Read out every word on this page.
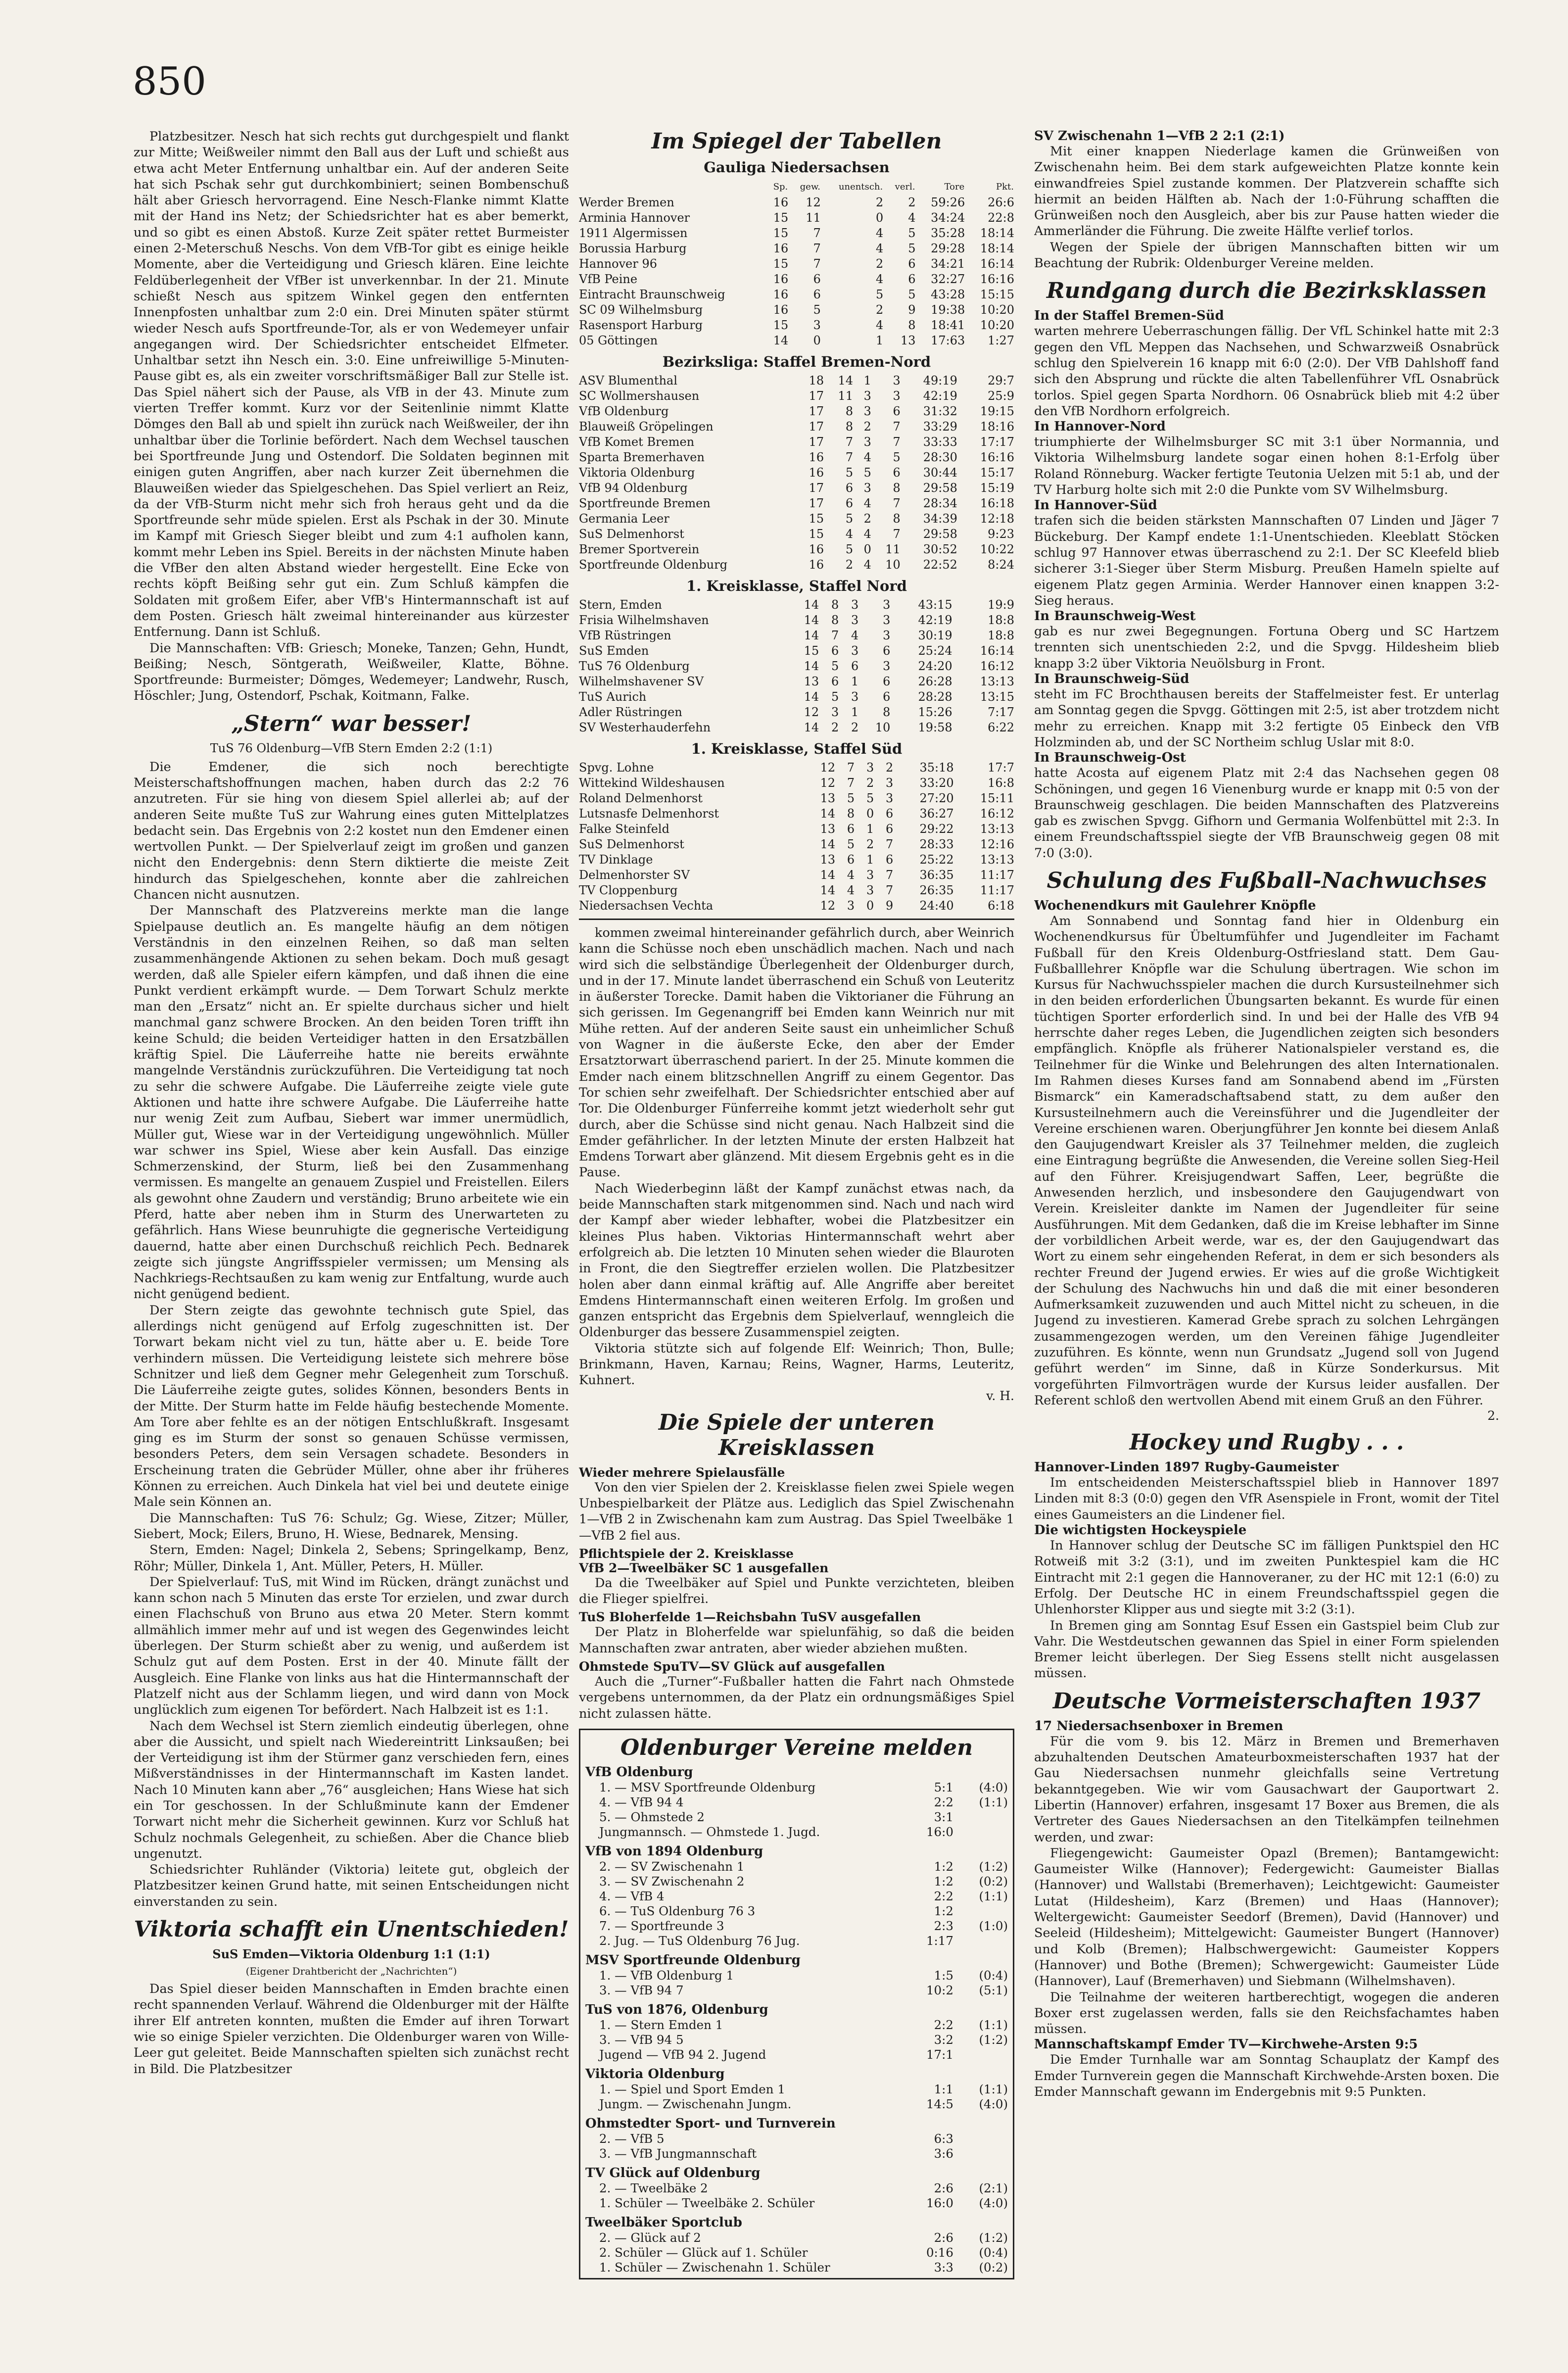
850

Platzbesitzer. Nesch hat sich rechts gut durchgespielt und flankt zur Mitte; Weißweiler nimmt den Ball aus der Luft und schießt aus etwa acht Meter Entfernung unhaltbar ein. Auf der anderen Seite hat sich Pschak sehr gut durchkombiniert; seinen Bombenschuß hält aber Griesch hervorragend. Eine Nesch-Flanke nimmt Klatte mit der Hand ins Netz; der Schiedsrichter hat es aber bemerkt, und so gibt es einen Abstoß. Kurze Zeit später rettet Burmeister einen 2-Meterschuß Neschs. Von dem VfB-Tor gibt es einige heikle Momente, aber die Verteidigung und Griesch klären. Eine leichte Feldüberlegenheit der VfBer ist unverkennbar. In der 21. Minute schießt Nesch aus spitzem Winkel gegen den entfernten Innenpfosten unhaltbar zum 2:0 ein. Drei Minuten später stürmt wieder Nesch aufs Sportfreunde-Tor, als er von Wedemeyer unfair angegangen wird. Der Schiedsrichter entscheidet Elfmeter. Unhaltbar setzt ihn Nesch ein. 3:0. Eine unfreiwillige 5-Minuten-Pause gibt es, als ein zweiter vorschriftsmäßiger Ball zur Stelle ist. Das Spiel nähert sich der Pause, als VfB in der 43. Minute zum vierten Treffer kommt. Kurz vor der Seitenlinie nimmt Klatte Dömges den Ball ab und spielt ihn zurück nach Weißweiler, der ihn unhaltbar über die Torlinie befördert. Nach dem Wechsel tauschen bei Sportfreunde Jung und Ostendorf. Die Soldaten beginnen mit einigen guten Angriffen, aber nach kurzer Zeit übernehmen die Blauweißen wieder das Spielgeschehen. Das Spiel verliert an Reiz, da der VfB-Sturm nicht mehr sich froh heraus geht und da die Sportfreunde sehr müde spielen. Erst als Pschak in der 30. Minute im Kampf mit Griesch Sieger bleibt und zum 4:1 aufholen kann, kommt mehr Leben ins Spiel. Bereits in der nächsten Minute haben die VfBer den alten Abstand wieder hergestellt. Eine Ecke von rechts köpft Beißing sehr gut ein. Zum Schluß kämpfen die Soldaten mit großem Eifer, aber VfB's Hintermannschaft ist auf dem Posten. Griesch hält zweimal hintereinander aus kürzester Entfernung. Dann ist Schluß.

Die Mannschaften: VfB: Griesch; Moneke, Tanzen; Gehn, Hundt, Beißing; Nesch, Söntgerath, Weißweiler, Klatte, Böhne. Sportfreunde: Burmeister; Dömges, Wedemeyer; Landwehr, Rusch, Höschler; Jung, Ostendorf, Pschak, Koitmann, Falke.

„Stern“ war besser!
TuS 76 Oldenburg—VfB Stern Emden 2:2 (1:1)

Die Emdener, die sich noch berechtigte Meisterschaftshoffnungen machen, haben durch das 2:2 76 anzutreten. Für sie hing von diesem Spiel allerlei ab; auf der anderen Seite mußte TuS zur Wahrung eines guten Mittelplatzes bedacht sein. Das Ergebnis von 2:2 kostet nun den Emdener einen wertvollen Punkt. — Der Spielverlauf zeigt im großen und ganzen nicht den Endergebnis: denn Stern diktierte die meiste Zeit hindurch das Spielgeschehen, konnte aber die zahlreichen Chancen nicht ausnutzen.

Der Mannschaft des Platzvereins merkte man die lange Spielpause deutlich an. Es mangelte häufig an dem nötigen Verständnis in den einzelnen Reihen, so daß man selten zusammenhängende Aktionen zu sehen bekam. Doch muß gesagt werden, daß alle Spieler eifern kämpfen, und daß ihnen die eine Punkt verdient erkämpft wurde. — Dem Torwart Schulz merkte man den „Ersatz“ nicht an. Er spielte durchaus sicher und hielt manchmal ganz schwere Brocken. An den beiden Toren trifft ihn keine Schuld; die beiden Verteidiger hatten in den Ersatzbällen kräftig Spiel. Die Läuferreihe hatte nie bereits erwähnte mangelnde Verständnis zurückzuführen. Die Verteidigung tat noch zu sehr die schwere Aufgabe. Die Läuferreihe zeigte viele gute Aktionen und hatte ihre schwere Aufgabe. Die Läuferreihe hatte nur wenig Zeit zum Aufbau, Siebert war immer unermüdlich, Müller gut, Wiese war in der Verteidigung ungewöhnlich. Müller war schwer ins Spiel, Wiese aber kein Ausfall. Das einzige Schmerzenskind, der Sturm, ließ bei den Zusammenhang vermissen. Es mangelte an genauem Zuspiel und Freistellen. Eilers als gewohnt ohne Zaudern und verständig; Bruno arbeitete wie ein Pferd, hatte aber neben ihm in Sturm des Unerwarteten zu gefährlich. Hans Wiese beunruhigte die gegnerische Verteidigung dauernd, hatte aber einen Durchschuß reichlich Pech. Bednarek zeigte sich jüngste Angriffsspieler vermissen; um Mensing als Nachkriegs-Rechtsaußen zu kam wenig zur Entfaltung, wurde auch nicht genügend bedient.

Der Stern zeigte das gewohnte technisch gute Spiel, das allerdings nicht genügend auf Erfolg zugeschnitten ist. Der Torwart bekam nicht viel zu tun, hätte aber u. E. beide Tore verhindern müssen. Die Verteidigung leistete sich mehrere böse Schnitzer und ließ dem Gegner mehr Gelegenheit zum Torschuß. Die Läuferreihe zeigte gutes, solides Können, besonders Bents in der Mitte. Der Sturm hatte im Felde häufig bestechende Momente. Am Tore aber fehlte es an der nötigen Entschlußkraft. Insgesamt ging es im Sturm der sonst so genauen Schüsse vermissen, besonders Peters, dem sein Versagen schadete. Besonders in Erscheinung traten die Gebrüder Müller, ohne aber ihr früheres Können zu erreichen. Auch Dinkela hat viel bei und deutete einige Male sein Können an.

Die Mannschaften: TuS 76: Schulz; Gg. Wiese, Zitzer; Müller, Siebert, Mock; Eilers, Bruno, H. Wiese, Bednarek, Mensing.

Stern, Emden: Nagel; Dinkela 2, Sebens; Springelkamp, Benz, Röhr; Müller, Dinkela 1, Ant. Müller, Peters, H. Müller.

Der Spielverlauf: TuS, mit Wind im Rücken, drängt zunächst und kann schon nach 5 Minuten das erste Tor erzielen, und zwar durch einen Flachschuß von Bruno aus etwa 20 Meter. Stern kommt allmählich immer mehr auf und ist wegen des Gegenwindes leicht überlegen. Der Sturm schießt aber zu wenig, und außerdem ist Schulz gut auf dem Posten. Erst in der 40. Minute fällt der Ausgleich. Eine Flanke von links aus hat die Hintermannschaft der Platzelf nicht aus der Schlamm liegen, und wird dann von Mock unglücklich zum eigenen Tor befördert. Nach Halbzeit ist es 1:1.

Nach dem Wechsel ist Stern ziemlich eindeutig überlegen, ohne aber die Aussicht, und spielt nach Wiedereintritt Linksaußen; bei der Verteidigung ist ihm der Stürmer ganz verschieden fern, eines Mißverständnisses in der Hintermannschaft im Kasten landet. Nach 10 Minuten kann aber „76“ ausgleichen; Hans Wiese hat sich ein Tor geschossen. In der Schlußminute kann der Emdener Torwart nicht mehr die Sicherheit gewinnen. Kurz vor Schluß hat Schulz nochmals Gelegenheit, zu schießen. Aber die Chance blieb ungenutzt.

Schiedsrichter Ruhländer (Viktoria) leitete gut, obgleich der Platzbesitzer keinen Grund hatte, mit seinen Entscheidungen nicht einverstanden zu sein.

Viktoria schafft ein Unentschieden!
SuS Emden—Viktoria Oldenburg 1:1 (1:1)
(Eigener Drahtbericht der „Nachrichten“)

Das Spiel dieser beiden Mannschaften in Emden brachte einen recht spannenden Verlauf. Während die Oldenburger mit der Hälfte ihrer Elf antreten konnten, mußten die Emder auf ihren Torwart wie so einige Spieler verzichten. Die Oldenburger waren von Wille-Leer gut geleitet. Beide Mannschaften spielten sich zunächst recht in Bild. Die Platzbesitzer

Im Spiegel der Tabellen
Gauliga Niedersachsen
	Sp.	gew.	unentsch.	verl.	Tore	Pkt.
Werder Bremen	16	12	2	2	59:26	26:6
Arminia Hannover	15	11	0	4	34:24	22:8
1911 Algermissen	15	7	4	5	35:28	18:14
Borussia Harburg	16	7	4	5	29:28	18:14
Hannover 96	15	7	2	6	34:21	16:14
VfB Peine	16	6	4	6	32:27	16:16
Eintracht Braunschweig	16	6	5	5	43:28	15:15
SC 09 Wilhelmsburg	16	5	2	9	19:38	10:20
Rasensport Harburg	15	3	4	8	18:41	10:20
05 Göttingen	14	0	1	13	17:63	1:27
Bezirksliga: Staffel Bremen-Nord
ASV Blumenthal	18	14	1	3	49:19	29:7
SC Wollmershausen	17	11	3	3	42:19	25:9
VfB Oldenburg	17	8	3	6	31:32	19:15
Blauweiß Gröpelingen	17	8	2	7	33:29	18:16
VfB Komet Bremen	17	7	3	7	33:33	17:17
Sparta Bremerhaven	16	7	4	5	28:30	16:16
Viktoria Oldenburg	16	5	5	6	30:44	15:17
VfB 94 Oldenburg	17	6	3	8	29:58	15:19
Sportfreunde Bremen	17	6	4	7	28:34	16:18
Germania Leer	15	5	2	8	34:39	12:18
SuS Delmenhorst	15	4	4	7	29:58	9:23
Bremer Sportverein	16	5	0	11	30:52	10:22
Sportfreunde Oldenburg	16	2	4	10	22:52	8:24
1. Kreisklasse, Staffel Nord
Stern, Emden	14	8	3	3	43:15	19:9
Frisia Wilhelmshaven	14	8	3	3	42:19	18:8
VfB Rüstringen	14	7	4	3	30:19	18:8
SuS Emden	15	6	3	6	25:24	16:14
TuS 76 Oldenburg	14	5	6	3	24:20	16:12
Wilhelmshavener SV	13	6	1	6	26:28	13:13
TuS Aurich	14	5	3	6	28:28	13:15
Adler Rüstringen	12	3	1	8	15:26	7:17
SV Westerhauderfehn	14	2	2	10	19:58	6:22
1. Kreisklasse, Staffel Süd
Spvg. Lohne	12	7	3	2	35:18	17:7
Wittekind Wildeshausen	12	7	2	3	33:20	16:8
Roland Delmenhorst	13	5	5	3	27:20	15:11
Lutsnasfe Delmenhorst	14	8	0	6	36:27	16:12
Falke Steinfeld	13	6	1	6	29:22	13:13
SuS Delmenhorst	14	5	2	7	28:33	12:16
TV Dinklage	13	6	1	6	25:22	13:13
Delmenhorster SV	14	4	3	7	36:35	11:17
TV Cloppenburg	14	4	3	7	26:35	11:17
Niedersachsen Vechta	12	3	0	9	24:40	6:18

kommen zweimal hintereinander gefährlich durch, aber Weinrich kann die Schüsse noch eben unschädlich machen. Nach und nach wird sich die selbständige Überlegenheit der Oldenburger durch, und in der 17. Minute landet überraschend ein Schuß von Leuteritz in äußerster Torecke. Damit haben die Viktorianer die Führung an sich gerissen. Im Gegenangriff bei Emden kann Weinrich nur mit Mühe retten. Auf der anderen Seite saust ein unheimlicher Schuß von Wagner in die äußerste Ecke, den aber der Emder Ersatztorwart überraschend pariert. In der 25. Minute kommen die Emder nach einem blitzschnellen Angriff zu einem Gegentor. Das Tor schien sehr zweifelhaft. Der Schiedsrichter entschied aber auf Tor. Die Oldenburger Fünferreihe kommt jetzt wiederholt sehr gut durch, aber die Schüsse sind nicht genau. Nach Halbzeit sind die Emder gefährlicher. In der letzten Minute der ersten Halbzeit hat Emdens Torwart aber glänzend. Mit diesem Ergebnis geht es in die Pause.

Nach Wiederbeginn läßt der Kampf zunächst etwas nach, da beide Mannschaften stark mitgenommen sind. Nach und nach wird der Kampf aber wieder lebhafter, wobei die Platzbesitzer ein kleines Plus haben. Viktorias Hintermannschaft wehrt aber erfolgreich ab. Die letzten 10 Minuten sehen wieder die Blauroten in Front, die den Siegtreffer erzielen wollen. Die Platzbesitzer holen aber dann einmal kräftig auf. Alle Angriffe aber bereitet Emdens Hintermannschaft einen weiteren Erfolg. Im großen und ganzen entspricht das Ergebnis dem Spielverlauf, wenngleich die Oldenburger das bessere Zusammenspiel zeigten.

Viktoria stützte sich auf folgende Elf: Weinrich; Thon, Bulle; Brinkmann, Haven, Karnau; Reins, Wagner, Harms, Leuteritz, Kuhnert.

v. H.
Die Spiele der unteren Kreisklassen
Wieder mehrere Spielausfälle

Von den vier Spielen der 2. Kreisklasse fielen zwei Spiele wegen Unbespielbarkeit der Plätze aus. Lediglich das Spiel Zwischenahn 1—VfB 2 in Zwischenahn kam zum Austrag. Das Spiel Tweelbäke 1—VfB 2 fiel aus.

Pflichtspiele der 2. Kreisklasse
VfB 2—Tweelbäker SC 1 ausgefallen

Da die Tweelbäker auf Spiel und Punkte verzichteten, bleiben die Flieger spielfrei.

TuS Bloherfelde 1—Reichsbahn TuSV ausgefallen

Der Platz in Bloherfelde war spielunfähig, so daß die beiden Mannschaften zwar antraten, aber wieder abziehen mußten.

Ohmstede SpuTV—SV Glück auf ausgefallen

Auch die „Turner“-Fußballer hatten die Fahrt nach Ohmstede vergebens unternommen, da der Platz ein ordnungsmäßiges Spiel nicht zulassen hätte.

Oldenburger Vereine melden
VfB Oldenburg
1. — MSV Sportfreunde Oldenburg	5:1	(4:0)
4. — VfB 94 4	2:2	(1:1)
5. — Ohmstede 2	3:1
Jungmannsch. — Ohmstede 1. Jugd.	16:0
VfB von 1894 Oldenburg
2. — SV Zwischenahn 1	1:2	(1:2)
3. — SV Zwischenahn 2	1:2	(0:2)
4. — VfB 4	2:2	(1:1)
6. — TuS Oldenburg 76 3	1:2
7. — Sportfreunde 3	2:3	(1:0)
2. Jug. — TuS Oldenburg 76 Jug.	1:17
MSV Sportfreunde Oldenburg
1. — VfB Oldenburg 1	1:5	(0:4)
3. — VfB 94 7	10:2	(5:1)
TuS von 1876, Oldenburg
1. — Stern Emden 1	2:2	(1:1)
3. — VfB 94 5	3:2	(1:2)
Jugend — VfB 94 2. Jugend	17:1
Viktoria Oldenburg
1. — Spiel und Sport Emden 1	1:1	(1:1)
Jungm. — Zwischenahn Jungm.	14:5	(4:0)
Ohmstedter Sport- und Turnverein
2. — VfB 5	6:3
3. — VfB Jungmannschaft	3:6
TV Glück auf Oldenburg
2. — Tweelbäke 2	2:6	(2:1)
1. Schüler — Tweelbäke 2. Schüler	16:0	(4:0)
Tweelbäker Sportclub
2. — Glück auf 2	2:6	(1:2)
2. Schüler — Glück auf 1. Schüler	0:16	(0:4)
1. Schüler — Zwischenahn 1. Schüler	3:3	(0:2)
SV Zwischenahn 1—VfB 2 2:1 (2:1)

Mit einer knappen Niederlage kamen die Grünweißen von Zwischenahn heim. Bei dem stark aufgeweichten Platze konnte kein einwandfreies Spiel zustande kommen. Der Platzverein schaffte sich hiermit an beiden Hälften ab. Nach der 1:0-Führung schafften die Grünweißen noch den Ausgleich, aber bis zur Pause hatten wieder die Ammerländer die Führung. Die zweite Hälfte verlief torlos.

Wegen der Spiele der übrigen Mannschaften bitten wir um Beachtung der Rubrik: Oldenburger Vereine melden.

Rundgang durch die Bezirksklassen
In der Staffel Bremen-Süd

warten mehrere Ueberraschungen fällig. Der VfL Schinkel hatte mit 2:3 gegen den VfL Meppen das Nachsehen, und Schwarzweiß Osnabrück schlug den Spielverein 16 knapp mit 6:0 (2:0). Der VfB Dahlshoff fand sich den Absprung und rückte die alten Tabellenführer VfL Osnabrück torlos. Spiel gegen Sparta Nordhorn. 06 Osnabrück blieb mit 4:2 über den VfB Nordhorn erfolgreich.

In Hannover-Nord

triumphierte der Wilhelmsburger SC mit 3:1 über Normannia, und Viktoria Wilhelmsburg landete sogar einen hohen 8:1-Erfolg über Roland Rönneburg. Wacker fertigte Teutonia Uelzen mit 5:1 ab, und der TV Harburg holte sich mit 2:0 die Punkte vom SV Wilhelmsburg.

In Hannover-Süd

trafen sich die beiden stärksten Mannschaften 07 Linden und Jäger 7 Bückeburg. Der Kampf endete 1:1-Unentschieden. Kleeblatt Stöcken schlug 97 Hannover etwas überraschend zu 2:1. Der SC Kleefeld blieb sicherer 3:1-Sieger über Sterm Misburg. Preußen Hameln spielte auf eigenem Platz gegen Arminia. Werder Hannover einen knappen 3:2-Sieg heraus.

In Braunschweig-West

gab es nur zwei Begegnungen. Fortuna Oberg und SC Hartzem trennten sich unentschieden 2:2, und die Spvgg. Hildesheim blieb knapp 3:2 über Viktoria Neuölsburg in Front.

In Braunschweig-Süd

steht im FC Brochthausen bereits der Staffelmeister fest. Er unterlag am Sonntag gegen die Spvgg. Göttingen mit 2:5, ist aber trotzdem nicht mehr zu erreichen. Knapp mit 3:2 fertigte 05 Einbeck den VfB Holzminden ab, und der SC Northeim schlug Uslar mit 8:0.

In Braunschweig-Ost

hatte Acosta auf eigenem Platz mit 2:4 das Nachsehen gegen 08 Schöningen, und gegen 16 Vienenburg wurde er knapp mit 0:5 von der Braunschweig geschlagen. Die beiden Mannschaften des Platzvereins gab es zwischen Spvgg. Gifhorn und Germania Wolfenbüttel mit 2:3. In einem Freundschaftsspiel siegte der VfB Braunschweig gegen 08 mit 7:0 (3:0).

Schulung des Fußball-Nachwuchses
Wochenendkurs mit Gaulehrer Knöpfle

Am Sonnabend und Sonntag fand hier in Oldenburg ein Wochenendkursus für Übeltumfühfer und Jugendleiter im Fachamt Fußball für den Kreis Oldenburg-Ostfriesland statt. Dem Gau-Fußballlehrer Knöpfle war die Schulung übertragen. Wie schon im Kursus für Nachwuchsspieler machen die durch Kursusteilnehmer sich in den beiden erforderlichen Übungsarten bekannt. Es wurde für einen tüchtigen Sporter erforderlich sind. In und bei der Halle des VfB 94 herrschte daher reges Leben, die Jugendlichen zeigten sich besonders empfänglich. Knöpfle als früherer Nationalspieler verstand es, die Teilnehmer für die Winke und Belehrungen des alten Internationalen. Im Rahmen dieses Kurses fand am Sonnabend abend im „Fürsten Bismarck“ ein Kameradschaftsabend statt, zu dem außer den Kursusteilnehmern auch die Vereinsführer und die Jugendleiter der Vereine erschienen waren. Oberjungführer Jen konnte bei diesem Anlaß den Gaujugendwart Kreisler als 37 Teilnehmer melden, die zugleich eine Eintragung begrüßte die Anwesenden, die Vereine sollen Sieg-Heil auf den Führer. Kreisjugendwart Saffen, Leer, begrüßte die Anwesenden herzlich, und insbesondere den Gaujugendwart von Verein. Kreisleiter dankte im Namen der Jugendleiter für seine Ausführungen. Mit dem Gedanken, daß die im Kreise lebhafter im Sinne der vorbildlichen Arbeit werde, war es, der den Gaujugendwart das Wort zu einem sehr eingehenden Referat, in dem er sich besonders als rechter Freund der Jugend erwies. Er wies auf die große Wichtigkeit der Schulung des Nachwuchs hin und daß die mit einer besonderen Aufmerksamkeit zuzuwenden und auch Mittel nicht zu scheuen, in die Jugend zu investieren. Kamerad Grebe sprach zu solchen Lehrgängen zusammengezogen werden, um den Vereinen fähige Jugendleiter zuzuführen. Es könnte, wenn nun Grundsatz „Jugend soll von Jugend geführt werden“ im Sinne, daß in Kürze Sonderkursus. Mit vorgeführten Filmvorträgen wurde der Kursus leider ausfallen. Der Referent schloß den wertvollen Abend mit einem Gruß an den Führer.

2.
Hockey und Rugby . . .
Hannover-Linden 1897 Rugby-Gaumeister

Im entscheidenden Meisterschaftsspiel blieb in Hannover 1897 Linden mit 8:3 (0:0) gegen den VfR Asenspiele in Front, womit der Titel eines Gaumeisters an die Lindener fiel.

Die wichtigsten Hockeyspiele

In Hannover schlug der Deutsche SC im fälligen Punktspiel den HC Rotweiß mit 3:2 (3:1), und im zweiten Punktespiel kam die HC Eintracht mit 2:1 gegen die Hannoveraner, zu der HC mit 12:1 (6:0) zu Erfolg. Der Deutsche HC in einem Freundschaftsspiel gegen die Uhlenhorster Klipper aus und siegte mit 3:2 (3:1).

In Bremen ging am Sonntag Esuf Essen ein Gastspiel beim Club zur Vahr. Die Westdeutschen gewannen das Spiel in einer Form spielenden Bremer leicht überlegen. Der Sieg Essens stellt nicht ausgelassen müssen.

Deutsche Vormeisterschaften 1937
17 Niedersachsenboxer in Bremen

Für die vom 9. bis 12. März in Bremen und Bremerhaven abzuhaltenden Deutschen Amateurboxmeisterschaften 1937 hat der Gau Niedersachsen nunmehr gleichfalls seine Vertretung bekanntgegeben. Wie wir vom Gausachwart der Gauportwart 2. Libertin (Hannover) erfahren, insgesamt 17 Boxer aus Bremen, die als Vertreter des Gaues Niedersachsen an den Titelkämpfen teilnehmen werden, und zwar:

Fliegengewicht: Gaumeister Opazl (Bremen); Bantamgewicht: Gaumeister Wilke (Hannover); Federgewicht: Gaumeister Biallas (Hannover) und Wallstabi (Bremerhaven); Leichtgewicht: Gaumeister Lutat (Hildesheim), Karz (Bremen) und Haas (Hannover); Weltergewicht: Gaumeister Seedorf (Bremen), David (Hannover) und Seeleid (Hildesheim); Mittelgewicht: Gaumeister Bungert (Hannover) und Kolb (Bremen); Halbschwergewicht: Gaumeister Koppers (Hannover) und Bothe (Bremen); Schwergewicht: Gaumeister Lüde (Hannover), Lauf (Bremerhaven) und Siebmann (Wilhelmshaven).

Die Teilnahme der weiteren hartberechtigt, wogegen die anderen Boxer erst zugelassen werden, falls sie den Reichsfachamtes haben müssen.

Mannschaftskampf Emder TV—Kirchwehe-Arsten 9:5

Die Emder Turnhalle war am Sonntag Schauplatz der Kampf des Emder Turnverein gegen die Mannschaft Kirchwehde-Arsten boxen. Die Emder Mannschaft gewann im Endergebnis mit 9:5 Punkten.
